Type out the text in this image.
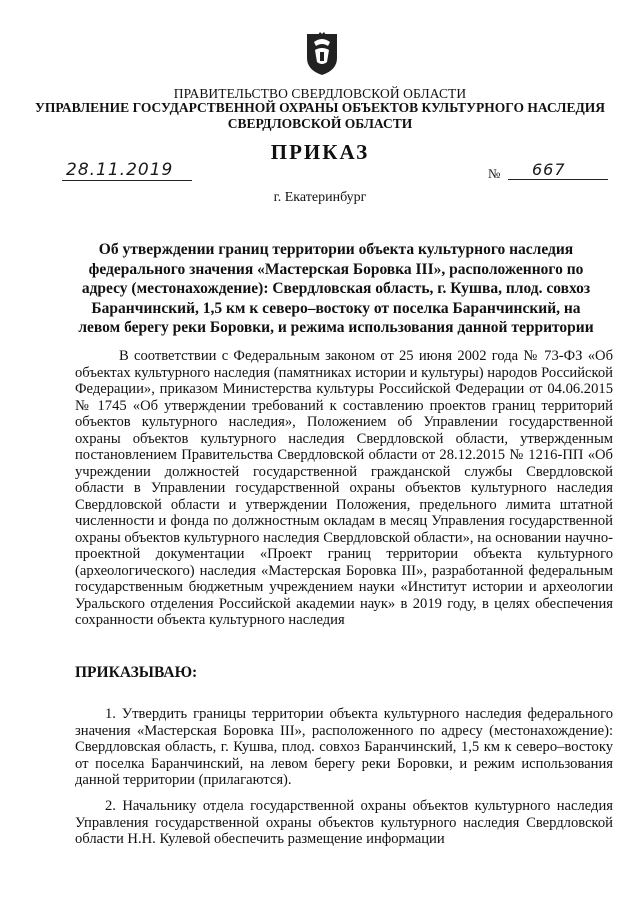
ПРАВИТЕЛЬСТВО СВЕРДЛОВСКОЙ ОБЛАСТИ
УПРАВЛЕНИЕ ГОСУДАРСТВЕННОЙ ОХРАНЫ ОБЪЕКТОВ КУЛЬТУРНОГО НАСЛЕДИЯ СВЕРДЛОВСКОЙ ОБЛАСТИ
ПРИКАЗ
28.11.2019	№ 667
г. Екатеринбург
Об утверждении границ территории объекта культурного наследия федерального значения «Мастерская Боровка III», расположенного по адресу (местонахождение): Свердловская область, г. Кушва, плод. совхоз Баранчинский, 1,5 км к северо–востоку от поселка Баранчинский, на левом берегу реки Боровки, и режима использования данной территории
В соответствии с Федеральным законом от 25 июня 2002 года № 73-ФЗ «Об объектах культурного наследия (памятниках истории и культуры) народов Российской Федерации», приказом Министерства культуры Российской Федерации от 04.06.2015 № 1745 «Об утверждении требований к составлению проектов границ территорий объектов культурного наследия», Положением об Управлении государственной охраны объектов культурного наследия Свердловской области, утвержденным постановлением Правительства Свердловской области от 28.12.2015 № 1216-ПП «Об учреждении должностей государственной гражданской службы Свердловской области в Управлении государственной охраны объектов культурного наследия Свердловской области и утверждении Положения, предельного лимита штатной численности и фонда по должностным окладам в месяц Управления государственной охраны объектов культурного наследия Свердловской области», на основании научно-проектной документации «Проект границ территории объекта культурного (археологического) наследия «Мастерская Боровка III», разработанной федеральным государственным бюджетным учреждением науки «Институт истории и археологии Уральского отделения Российской академии наук» в 2019 году, в целях обеспечения сохранности объекта культурного наследия
ПРИКАЗЫВАЮ:
1. Утвердить границы территории объекта культурного наследия федерального значения «Мастерская Боровка III», расположенного по адресу (местонахождение): Свердловская область, г. Кушва, плод. совхоз Баранчинский, 1,5 км к северо–востоку от поселка Баранчинский, на левом берегу реки Боровки, и режим использования данной территории (прилагаются).
2. Начальнику отдела государственной охраны объектов культурного наследия Управления государственной охраны объектов культурного наследия Свердловской области Н.Н. Кулевой обеспечить размещение информации
